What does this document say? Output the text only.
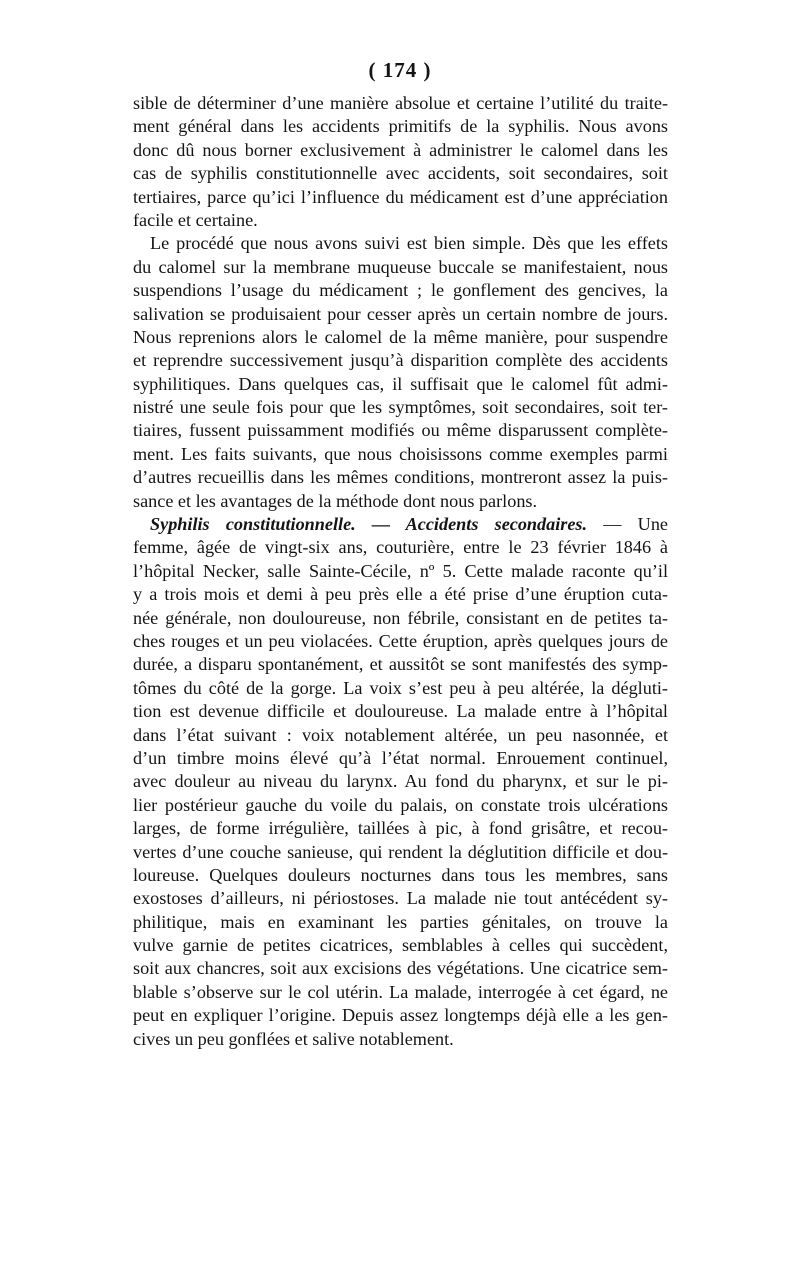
( 174 )
sible de déterminer d’une manière absolue et certaine l’utilité du traite-
ment général dans les accidents primitifs de la syphilis. Nous avons
donc dû nous borner exclusivement à administrer le calomel dans les
cas de syphilis constitutionnelle avec accidents, soit secondaires, soit
tertiaires, parce qu’ici l’influence du médicament est d’une appréciation
facile et certaine.
Le procédé que nous avons suivi est bien simple. Dès que les effets
du calomel sur la membrane muqueuse buccale se manifestaient, nous
suspendions l’usage du médicament ; le gonflement des gencives, la
salivation se produisaient pour cesser après un certain nombre de jours.
Nous reprenions alors le calomel de la même manière, pour suspendre
et reprendre successivement jusqu’à disparition complète des accidents
syphilitiques. Dans quelques cas, il suffisait que le calomel fût admi-
nistré une seule fois pour que les symptômes, soit secondaires, soit ter-
tiaires, fussent puissamment modifiés ou même disparussent complète-
ment. Les faits suivants, que nous choisissons comme exemples parmi
d’autres recueillis dans les mêmes conditions, montreront assez la puis-
sance et les avantages de la méthode dont nous parlons.
Syphilis constitutionnelle. — Accidents secondaires. — Une
femme, âgée de vingt-six ans, couturière, entre le 23 février 1846 à
l’hôpital Necker, salle Sainte-Cécile, nº 5. Cette malade raconte qu’il
y a trois mois et demi à peu près elle a été prise d’une éruption cuta-
née générale, non douloureuse, non fébrile, consistant en de petites ta-
ches rouges et un peu violacées. Cette éruption, après quelques jours de
durée, a disparu spontanément, et aussitôt se sont manifestés des symp-
tômes du côté de la gorge. La voix s’est peu à peu altérée, la dégluti-
tion est devenue difficile et douloureuse. La malade entre à l’hôpital
dans l’état suivant : voix notablement altérée, un peu nasonnée, et
d’un timbre moins élevé qu’à l’état normal. Enrouement continuel,
avec douleur au niveau du larynx. Au fond du pharynx, et sur le pi-
lier postérieur gauche du voile du palais, on constate trois ulcérations
larges, de forme irrégulière, taillées à pic, à fond grisâtre, et recou-
vertes d’une couche sanieuse, qui rendent la déglutition difficile et dou-
loureuse. Quelques douleurs nocturnes dans tous les membres, sans
exostoses d’ailleurs, ni périostoses. La malade nie tout antécédent sy-
philitique, mais en examinant les parties génitales, on trouve la
vulve garnie de petites cicatrices, semblables à celles qui succèdent,
soit aux chancres, soit aux excisions des végétations. Une cicatrice sem-
blable s’observe sur le col utérin. La malade, interrogée à cet égard, ne
peut en expliquer l’origine. Depuis assez longtemps déjà elle a les gen-
cives un peu gonflées et salive notablement.
